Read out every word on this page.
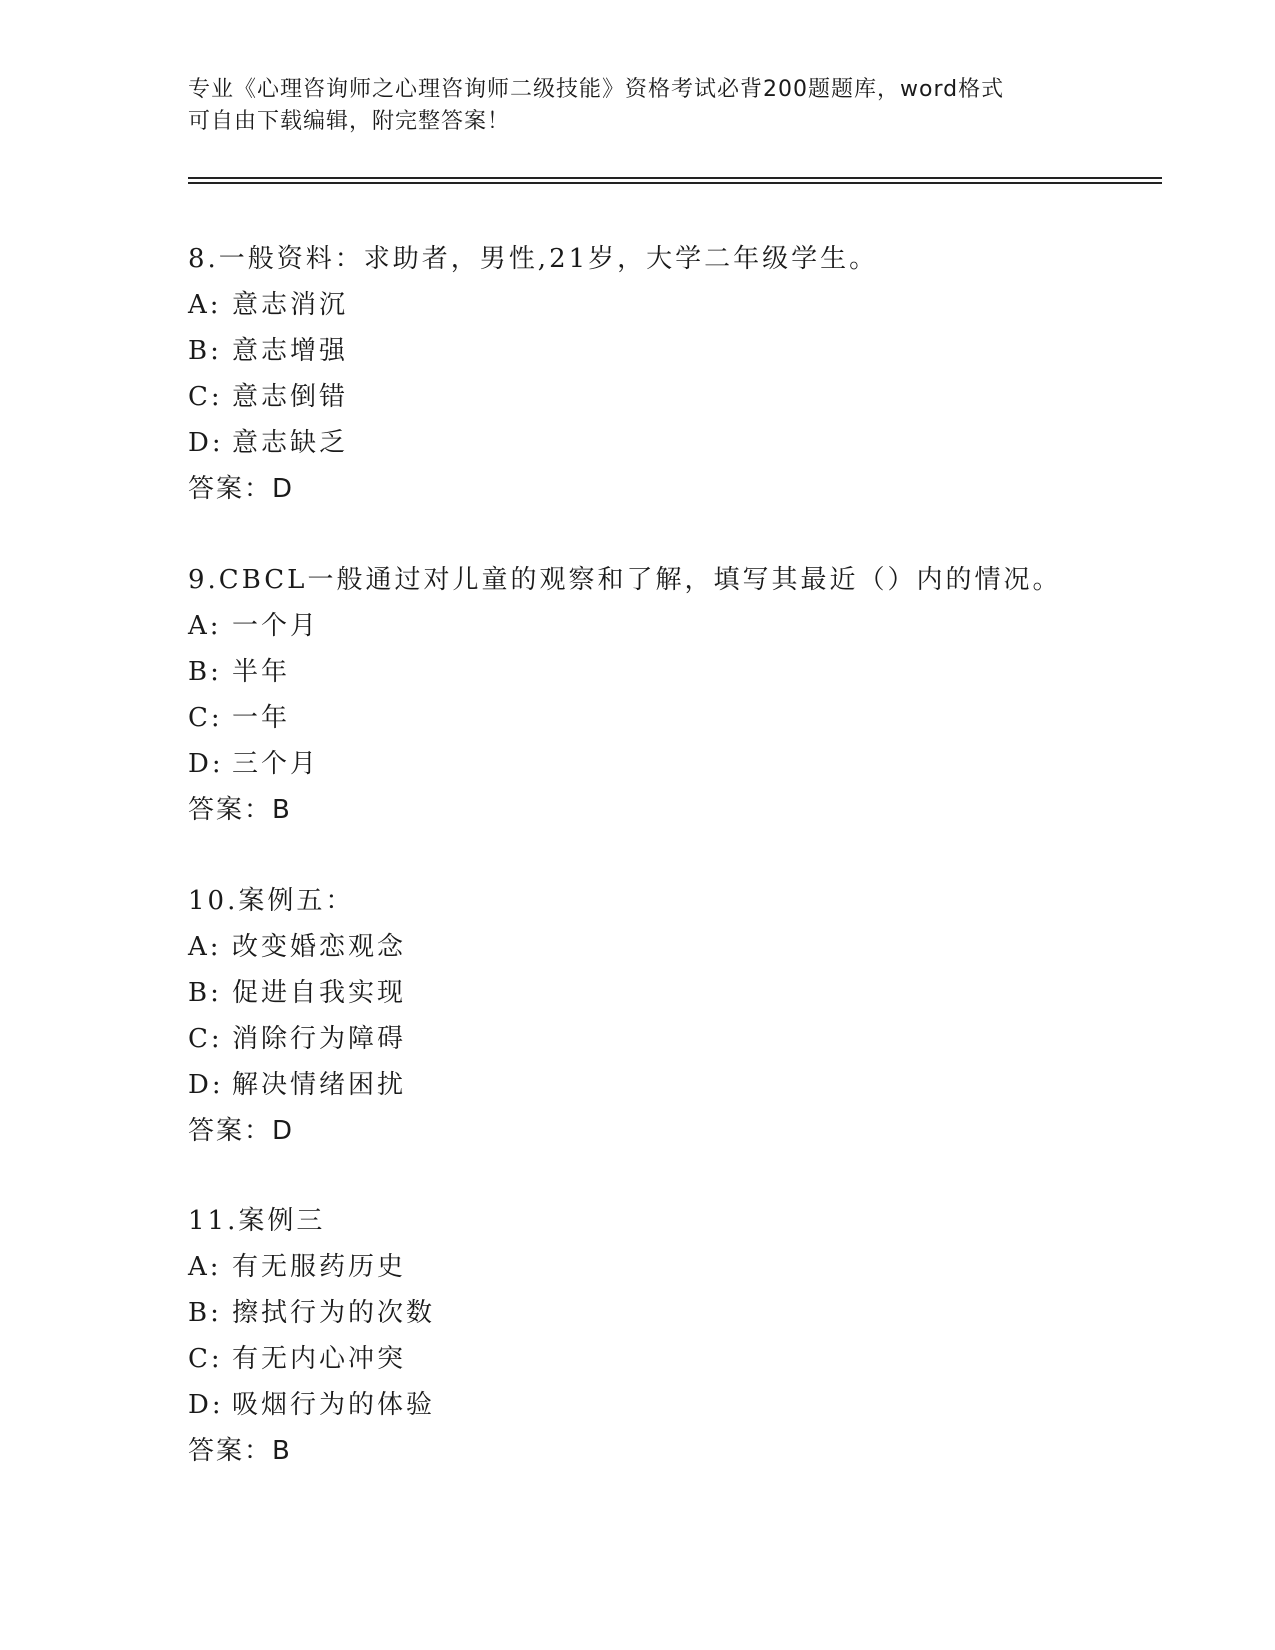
专业《心理咨询师之心理咨询师二级技能》资格考试必背200题题库，word格式

可自由下载编辑，附完整答案！

8.一般资料：求助者，男性,21岁，大学二年级学生。
A: 意志消沉
B: 意志增强
C: 意志倒错
D: 意志缺乏
答案：D
9.CBCL一般通过对儿童的观察和了解，填写其最近（）内的情况。
A: 一个月
B: 半年
C: 一年
D: 三个月
答案：B
10.案例五：
A: 改变婚恋观念
B: 促进自我实现
C: 消除行为障碍
D: 解决情绪困扰
答案：D
11.案例三
A: 有无服药历史
B: 擦拭行为的次数
C: 有无内心冲突
D: 吸烟行为的体验
答案：B
